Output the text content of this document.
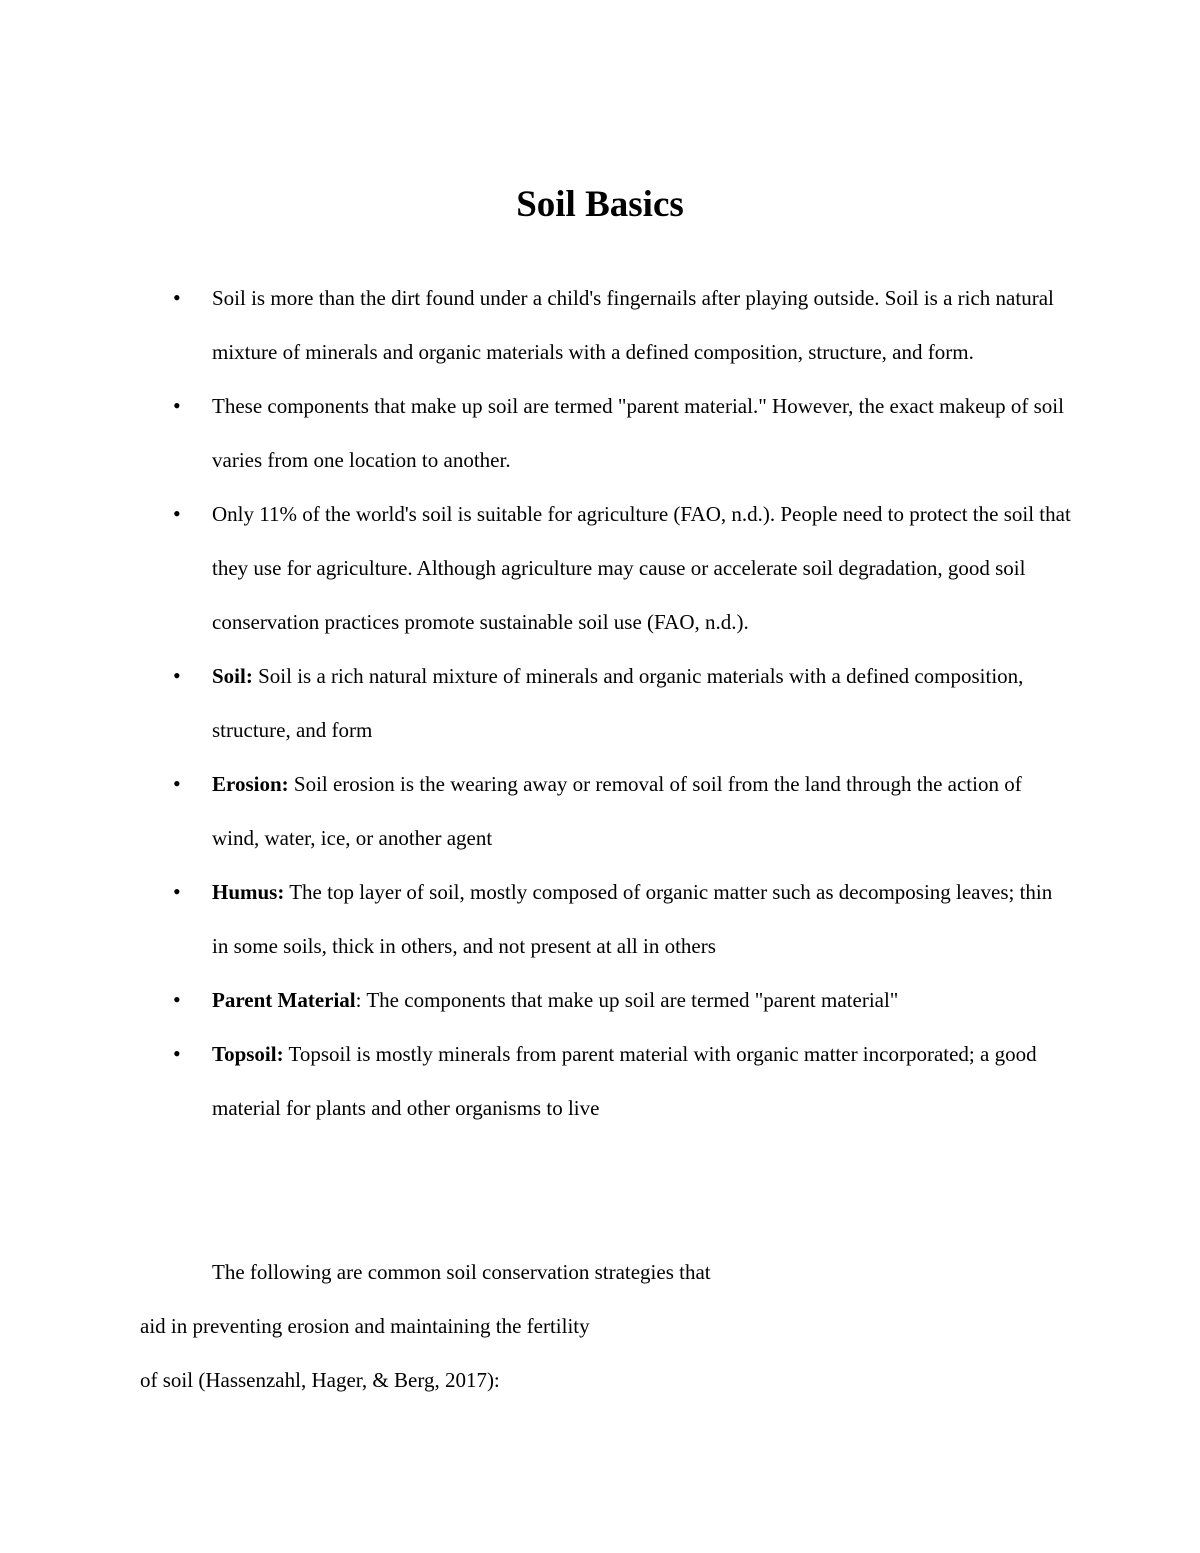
Soil Basics
• Soil is more than the dirt found under a child's fingernails after playing outside. Soil is a rich natural mixture of minerals and organic materials with a defined composition, structure, and form.
• These components that make up soil are termed "parent material." However, the exact makeup of soil varies from one location to another.
• Only 11% of the world's soil is suitable for agriculture (FAO, n.d.). People need to protect the soil that they use for agriculture. Although agriculture may cause or accelerate soil degradation, good soil conservation practices promote sustainable soil use (FAO, n.d.).
• Soil: Soil is a rich natural mixture of minerals and organic materials with a defined composition, structure, and form
• Erosion: Soil erosion is the wearing away or removal of soil from the land through the action of wind, water, ice, or another agent
• Humus: The top layer of soil, mostly composed of organic matter such as decomposing leaves; thin in some soils, thick in others, and not present at all in others
• Parent Material: The components that make up soil are termed "parent material"
• Topsoil: Topsoil is mostly minerals from parent material with organic matter incorporated; a good material for plants and other organisms to live

The following are common soil conservation strategies that
aid in preventing erosion and maintaining the fertility
of soil (Hassenzahl, Hager, & Berg, 2017):
